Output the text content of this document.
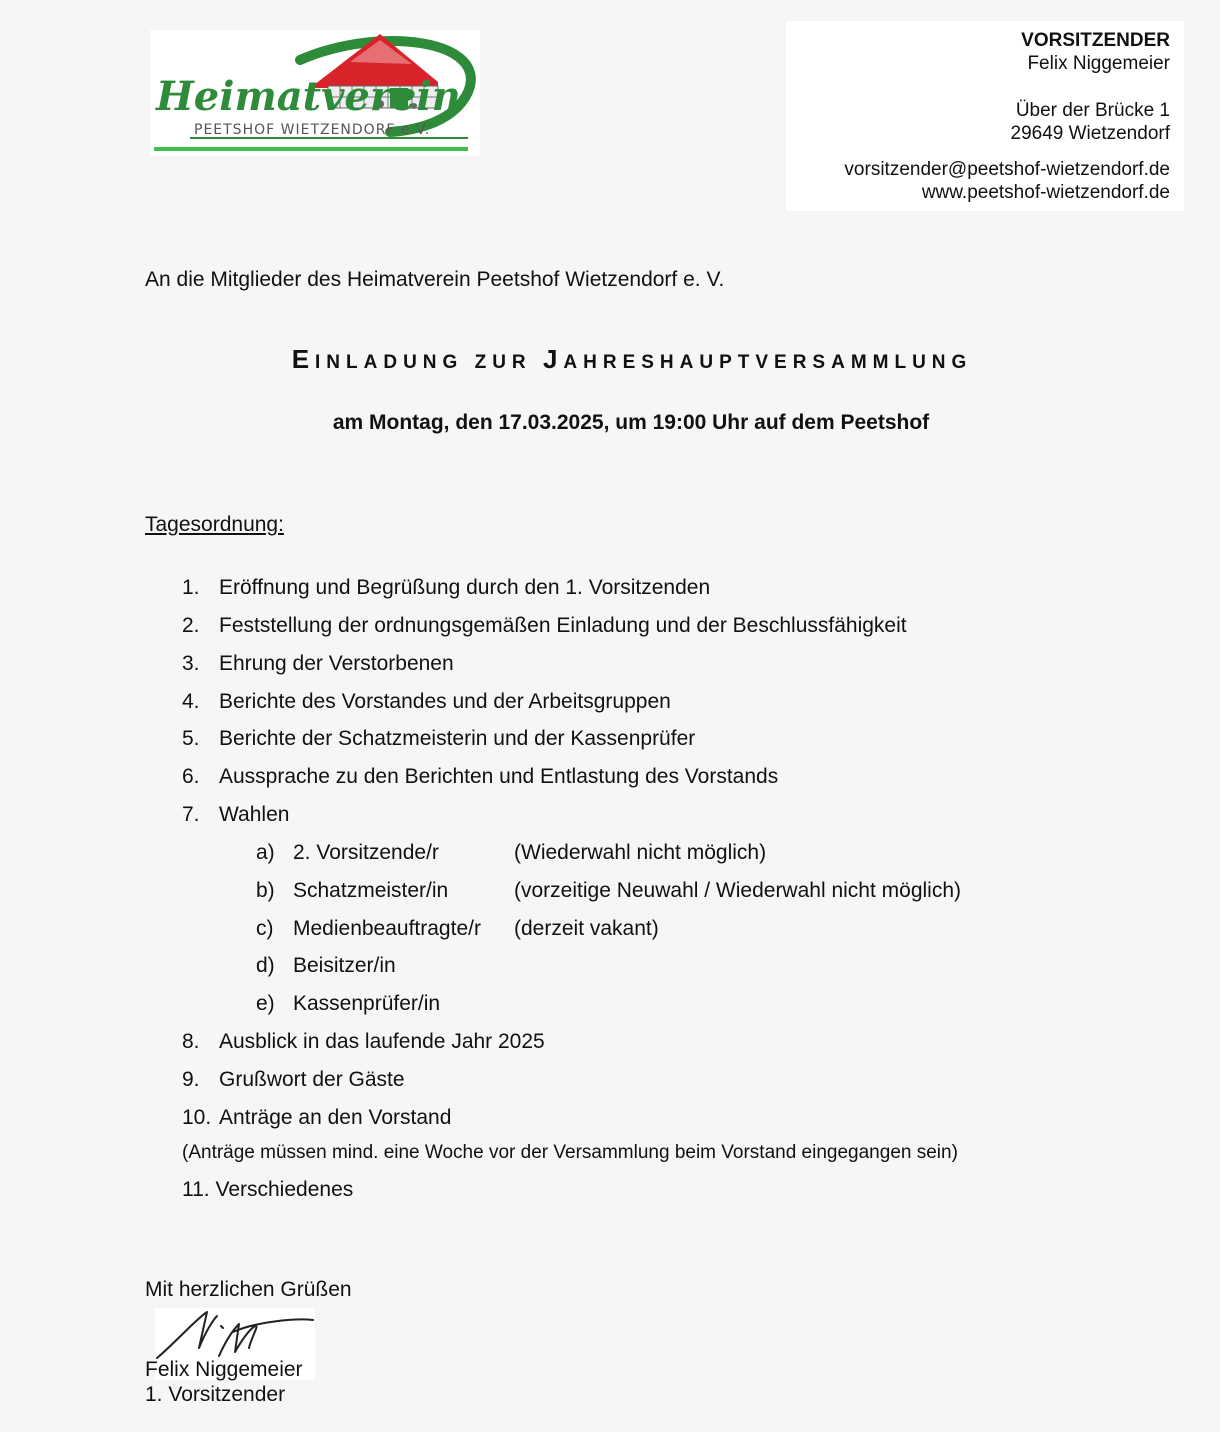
Heimatverein
PEETSHOF WIETZENDORF e.V.
VORSITZENDER
Felix Niggemeier
Über der Brücke 1
29649 Wietzendorf
vorsitzender@peetshof-wietzendorf.de
www.peetshof-wietzendorf.de
An die Mitglieder des Heimatverein Peetshof Wietzendorf e. V.
EINLADUNG ZUR JAHRESHAUPTVERSAMMLUNG
am Montag, den 17.03.2025, um 19:00 Uhr auf dem Peetshof
Tagesordnung:
1. Eröffnung und Begrüßung durch den 1. Vorsitzenden
2. Feststellung der ordnungsgemäßen Einladung und der Beschlussfähigkeit
3. Ehrung der Verstorbenen
4. Berichte des Vorstandes und der Arbeitsgruppen
5. Berichte der Schatzmeisterin und der Kassenprüfer
6. Aussprache zu den Berichten und Entlastung des Vorstands
7. Wahlen
a) 2. Vorsitzende/r	(Wiederwahl nicht möglich)
b) Schatzmeister/in	(vorzeitige Neuwahl / Wiederwahl nicht möglich)
c) Medienbeauftragte/r (derzeit vakant)
d) Beisitzer/in
e) Kassenprüfer/in
8. Ausblick in das laufende Jahr 2025
9. Grußwort der Gäste
10. Anträge an den Vorstand
(Anträge müssen mind. eine Woche vor der Versammlung beim Vorstand eingegangen sein)
11. Verschiedenes
Mit herzlichen Grüßen
Felix Niggemeier
1. Vorsitzender
